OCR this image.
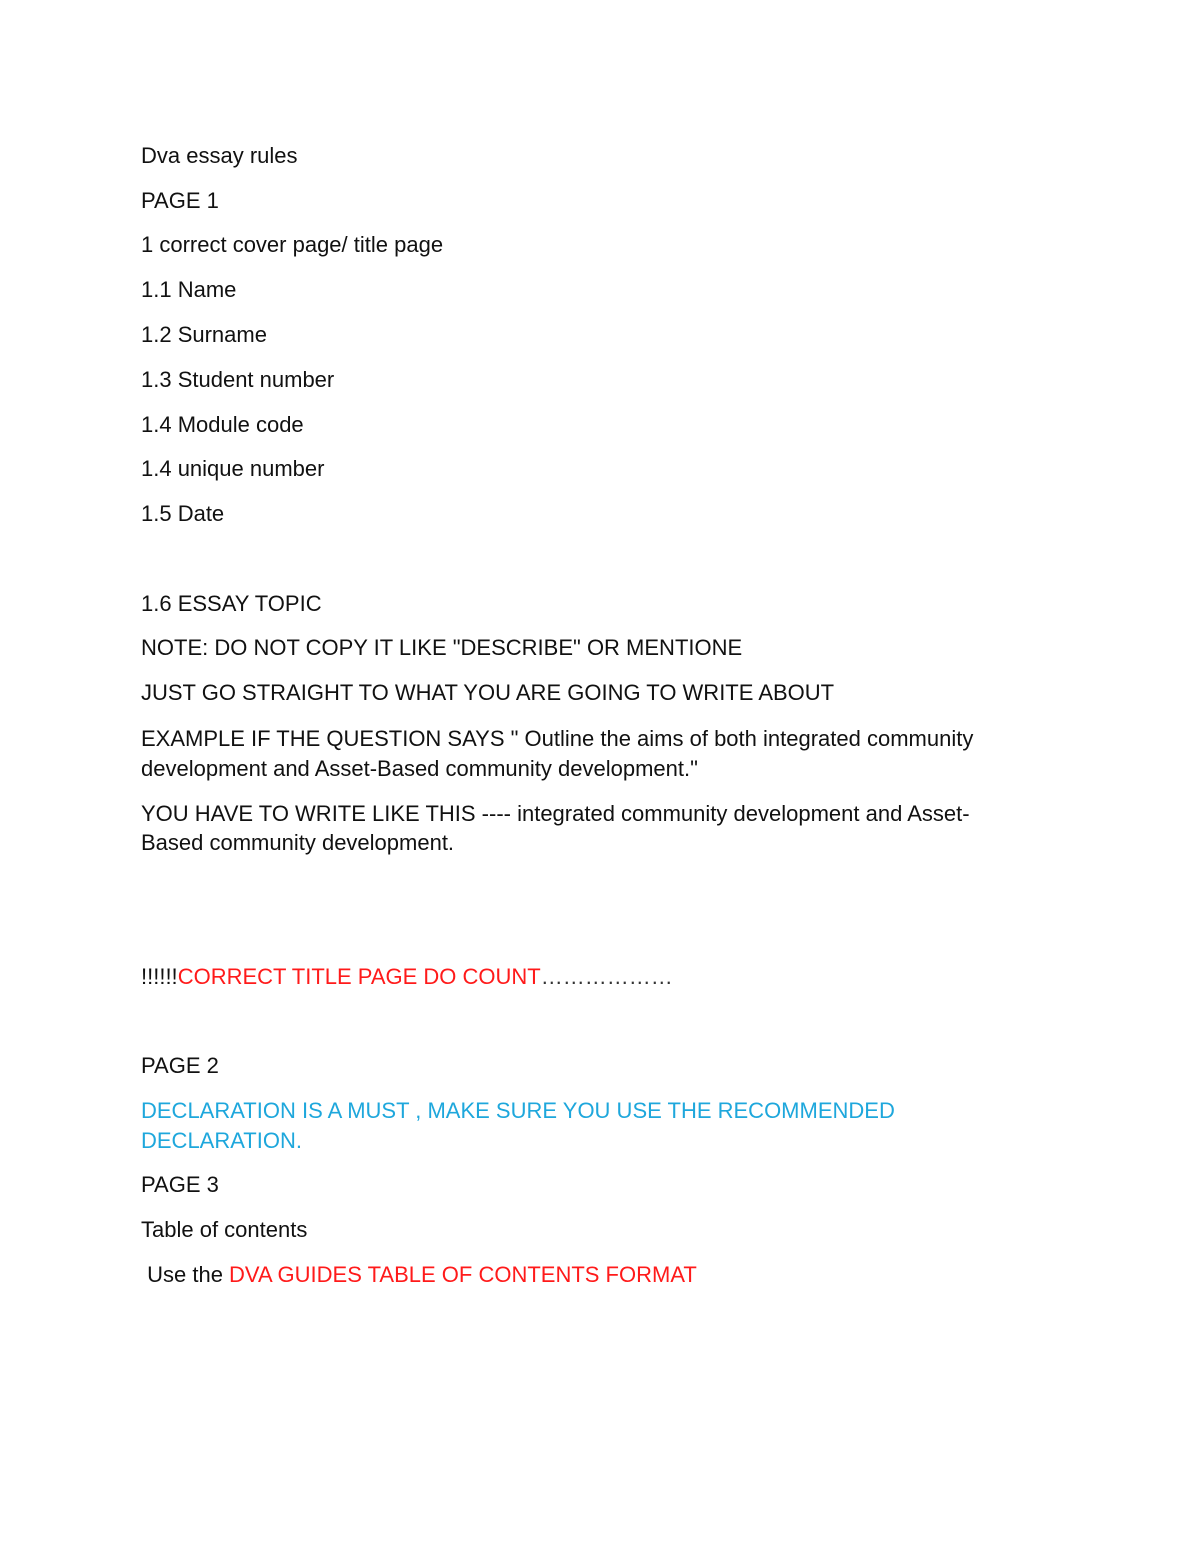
Dva essay rules

PAGE 1

1 correct cover page/ title page

1.1 Name

1.2 Surname

1.3 Student number

1.4 Module code

1.4 unique number

1.5 Date

1.6 ESSAY TOPIC

NOTE: DO NOT COPY IT LIKE "DESCRIBE" OR MENTIONE

JUST GO STRAIGHT TO WHAT YOU ARE GOING TO WRITE ABOUT

EXAMPLE IF THE QUESTION SAYS " Outline the aims of both integrated community

development and Asset-Based community development."

YOU HAVE TO WRITE LIKE THIS ---- integrated community development and Asset-

Based community development.

!!!!!!CORRECT TITLE PAGE DO COUNT………………

PAGE 2

DECLARATION IS A MUST , MAKE SURE YOU USE THE RECOMMENDED

DECLARATION.

PAGE 3

Table of contents

Use the DVA GUIDES TABLE OF CONTENTS FORMAT
